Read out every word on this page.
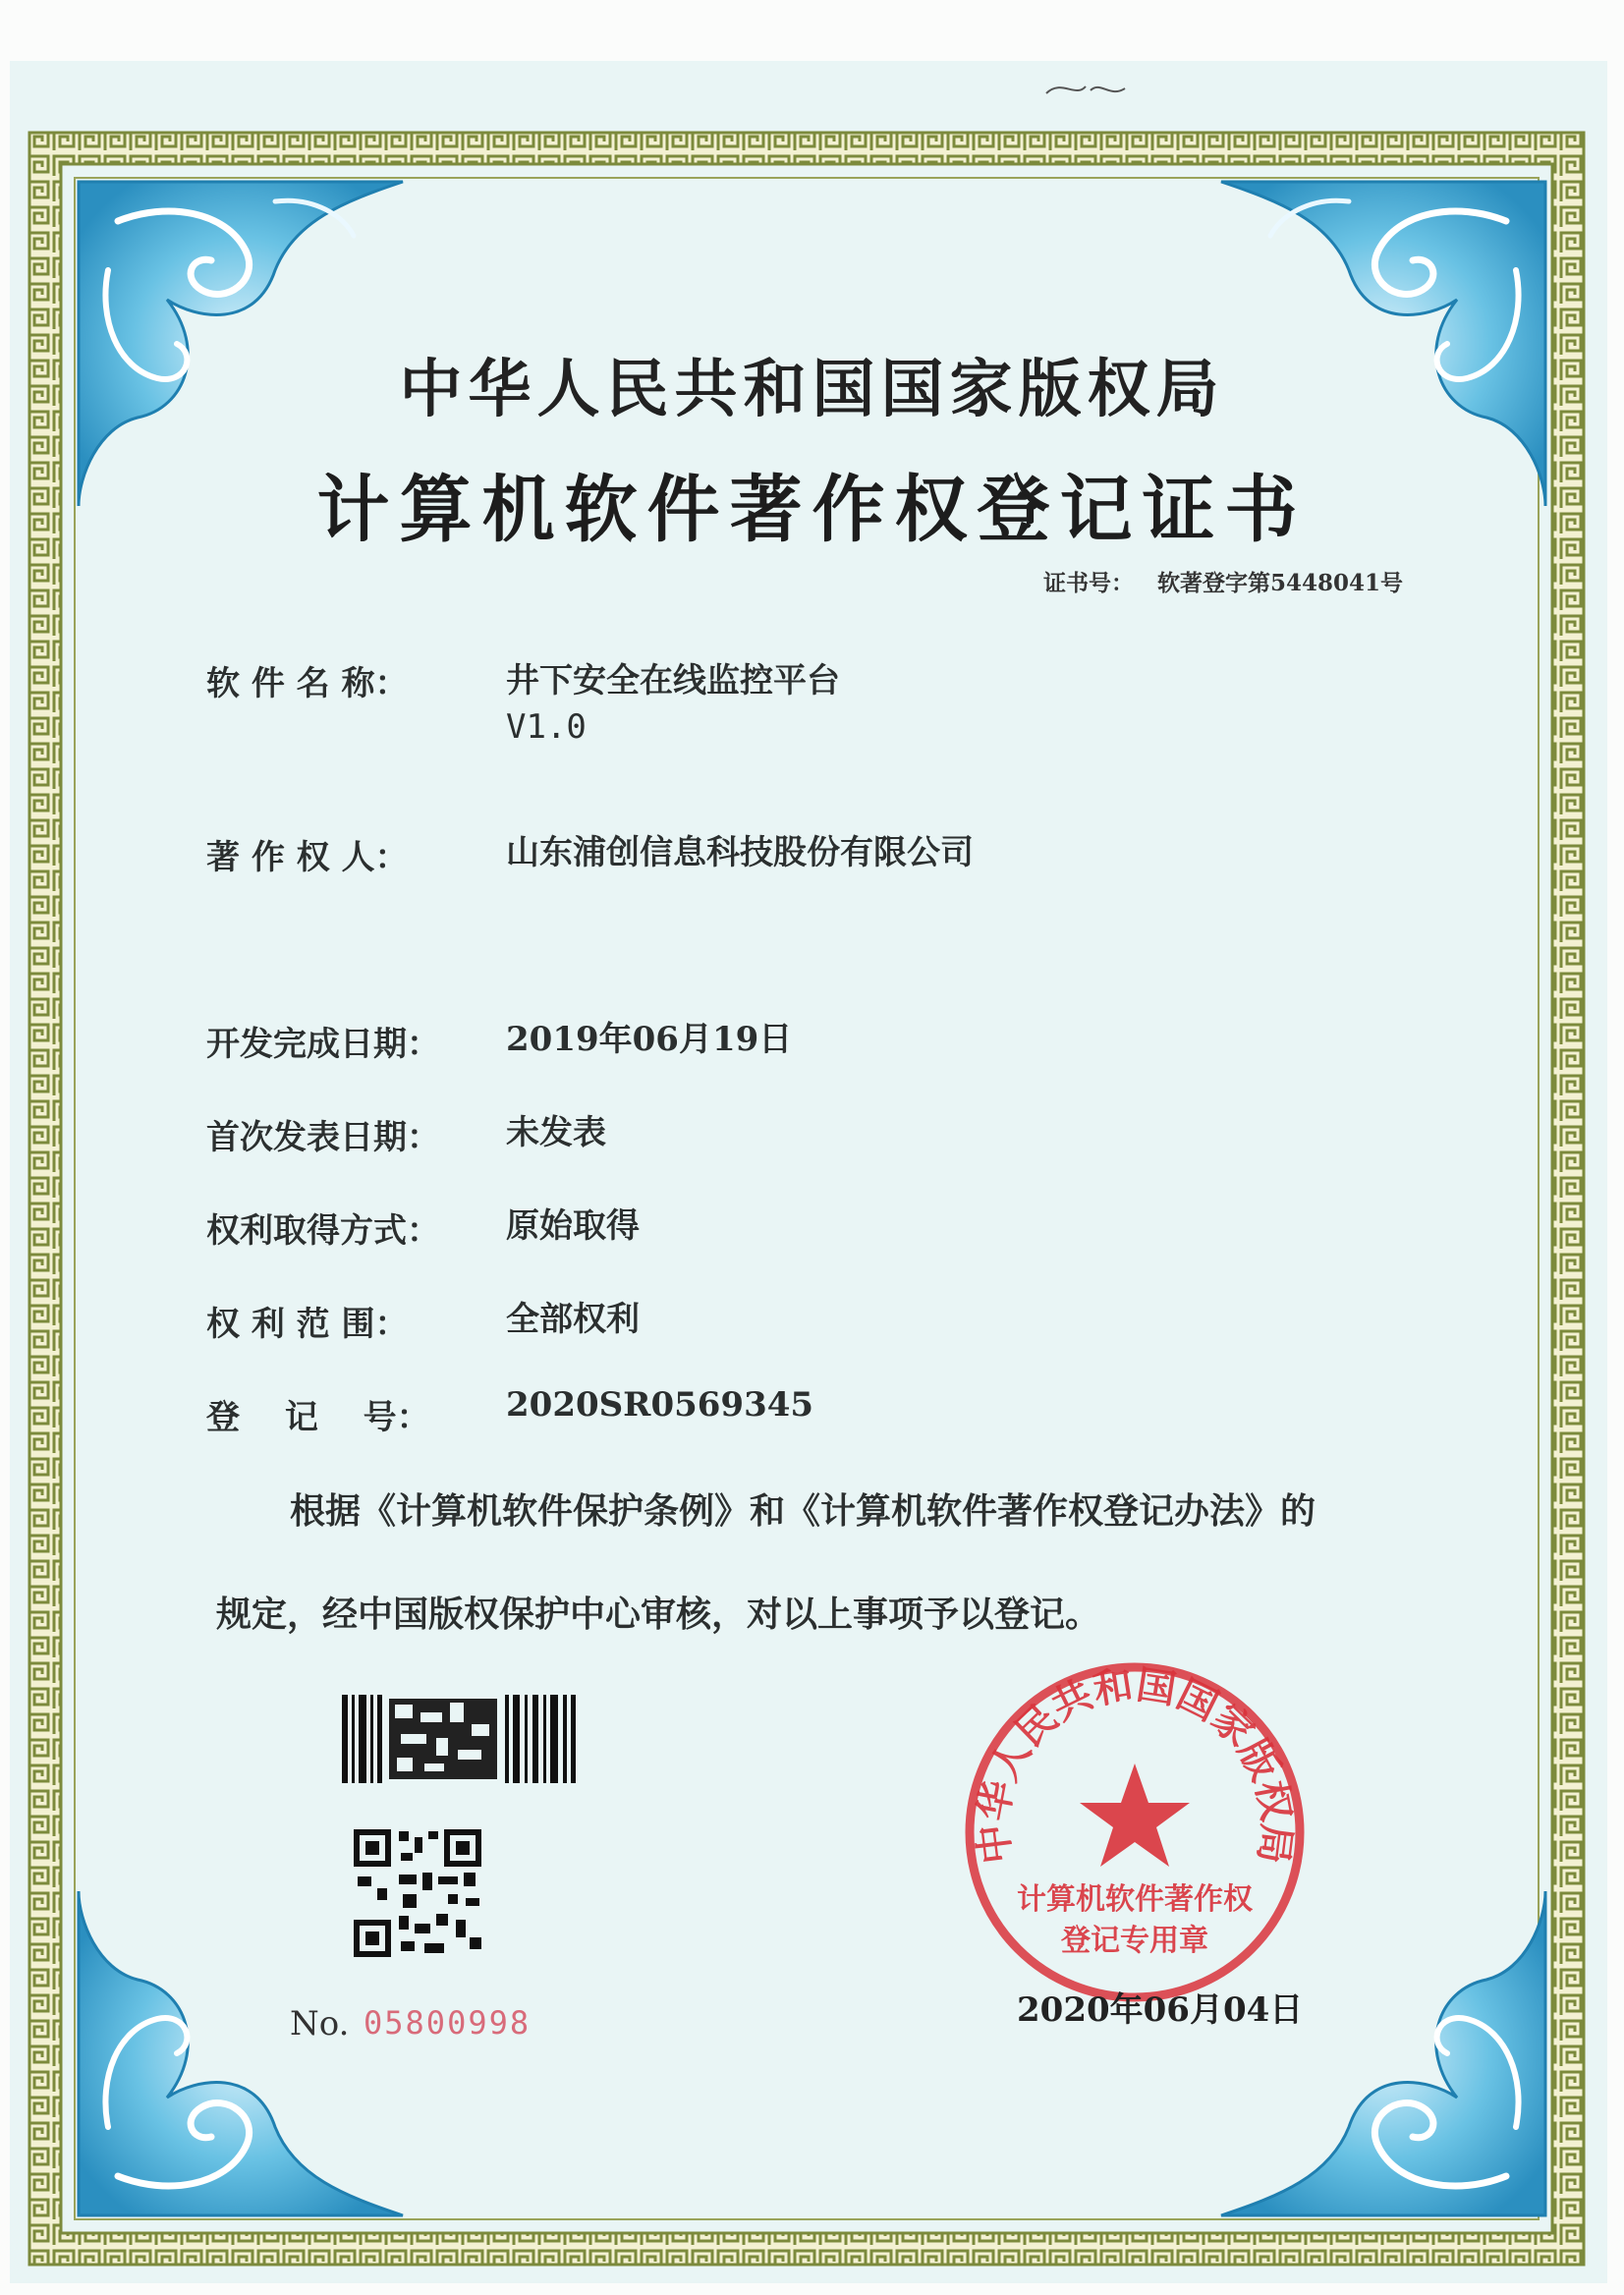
中华人民共和国国家版权局
计算机软件著作权登记证书
证书号： 软著登字第5448041号
软 件 名 称：	井下安全在线监控平台
V1.0
著 作 权 人：	山东浦创信息科技股份有限公司
开发完成日期： 2019年06月19日
首次发表日期： 未发表
权利取得方式： 原始取得
权 利 范 围：	全部权利
登　 记　 号： 2020SR0569345
根据《计算机软件保护条例》和《计算机软件著作权登记办法》的
规定，经中国版权保护中心审核，对以上事项予以登记。
No. 05800998
中华人民共和国国家版权局
计算机软件著作权
登记专用章
2020年06月04日
